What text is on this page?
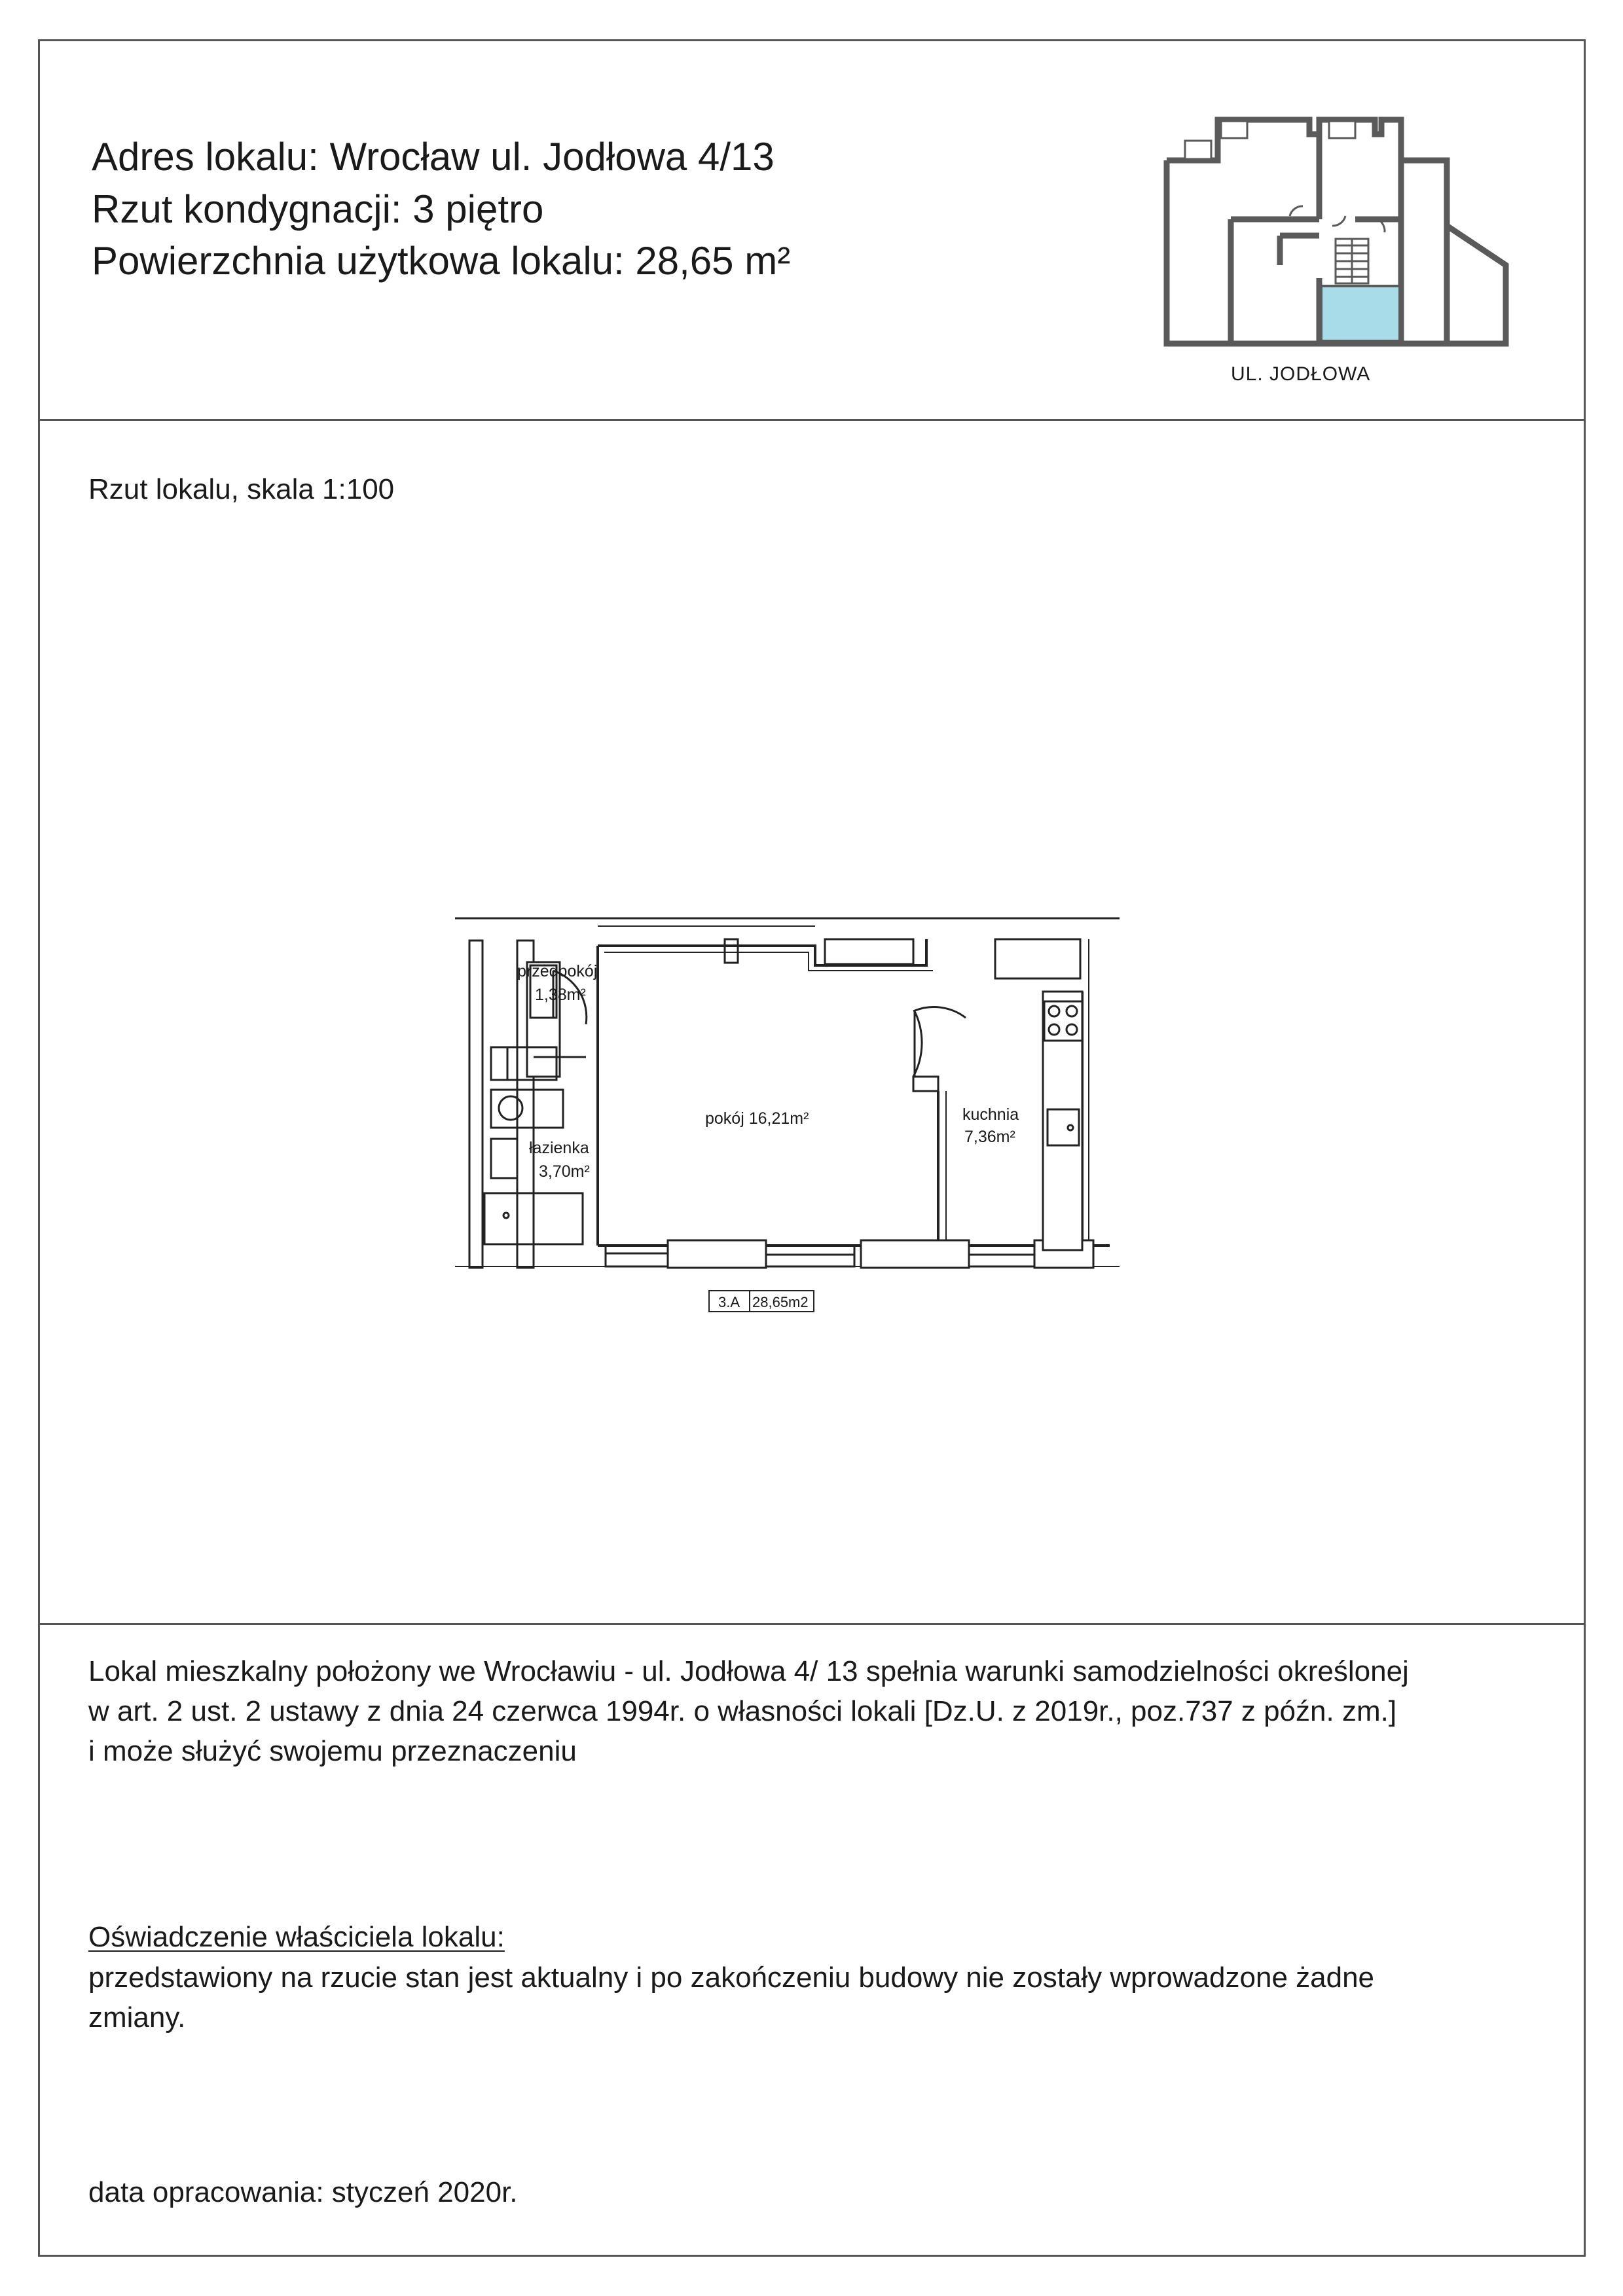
Adres lokalu: Wrocław ul. Jodłowa 4/13
Rzut kondygnacji: 3 piętro
Powierzchnia użytkowa lokalu: 28,65 m²
UL. JODŁOWA
Rzut lokalu, skala 1:100
przedpokój
1,38m²
łazienka
3,70m²
pokój 16,21m²	kuchnia
7,36m²
3.A 28,65m2
Lokal mieszkalny położony we Wrocławiu - ul. Jodłowa 4/ 13 spełnia warunki samodzielności określonej
w art. 2 ust. 2 ustawy z dnia 24 czerwca 1994r. o własności lokali [Dz.U. z 2019r., poz.737 z późn. zm.]
i może służyć swojemu przeznaczeniu
Oświadczenie właściciela lokalu:
przedstawiony na rzucie stan jest aktualny i po zakończeniu budowy nie zostały wprowadzone żadne
zmiany.
data opracowania: styczeń 2020r.
